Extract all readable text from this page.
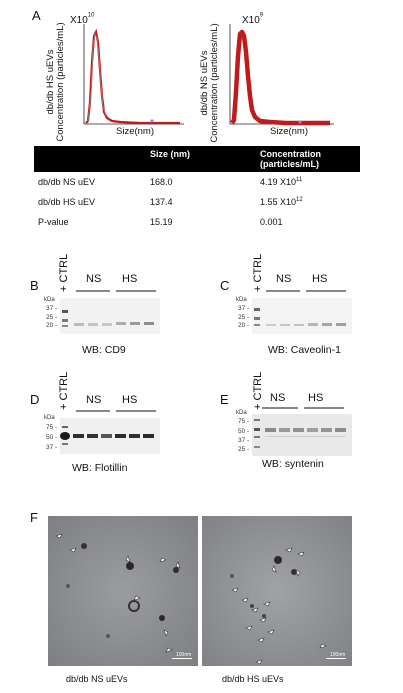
A	$X10^{10}$
db/db HS uEVs Concentration (particles/mL)	Size(nm)
$X10^9$
db/db NS uEVs Concentration (particles/mL)	Size(nm)
	Size (nm)	Concentration (particles/mL)
db/db NS uEV	168.0	4.19 $X10^{11}$
db/db HS uEV	137.4	1.55 $X10^{12}$
P-value	15.19	0.001
B + CTRL NS HS
kDa
37 -
25 -
20 -
WB: CD9
C + CTRL NS HS
kDa
37 -
25 -
20 -
WB: Caveolin-1
D + CTRL NS HS
kDa
75 -
50 -
37 -
WB: Flotillin
E + CTRL NS HS
kDa
75 -
50 -
37 -
25 -
WB: syntenin
F
100nm	100nm
db/db NS uEVs	db/db HS uEVs
